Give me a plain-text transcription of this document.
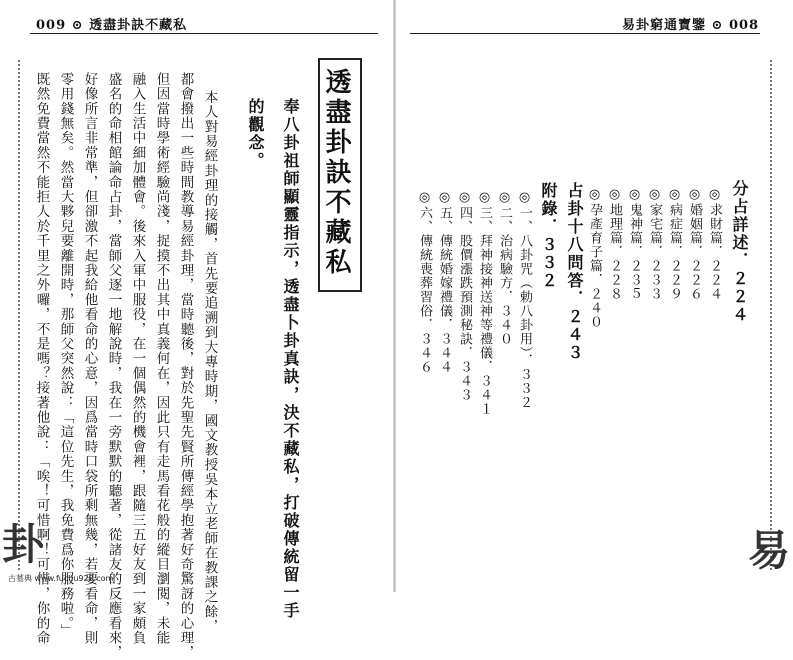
009 ⊙ 透盡卦訣不藏私	易卦窮通寶鑒 ⊙ 008
透盡卦訣不藏私
奉八卦祖師顯靈指示，透盡卜卦真訣，決不藏私，打破傳統留一手
的觀念。
本人對易經卦理的接觸，首先要追溯到大專時期，國文教授吳本立老師在教課之餘，
都會撥出一些時間教導易經卦理，當時聽後，對於先聖先賢所傳經學抱著好奇驚訝的心理，
但因當時學術經驗尚淺，捉摸不出其中真義何在，因此只有走馬看花般的縱目瀏閱，未能
融入生活中細加體會。後來入軍中服役，在一個偶然的機會裡，跟隨三五好友到一家頗負
盛名的命相館論命占卦，當師父逐一地解說時，我在一旁默默的聽著，從諸友的反應看來，
好像所言非常準，但卻激不起我給他看命的心意，因爲當時口袋所剩無幾，若要看命，則
零用錢無矣。然當大夥兒要離開時，那師父突然說：「這位先生，我免費爲你服務啦。」
既然免費當然不能拒人於千里之外囉，不是嗎？接著他說：「唉！可惜啊！可惜，你的命
卦
古墓典 www.fuchu920.com
分占詳述．２２４
◎求財篇．２２４
◎婚姻篇．２２６
◎病症篇．２２９
◎家宅篇．２３３
◎鬼神篇．２３５
◎地理篇．２２８
◎孕產育子篇．２４０
占卦十八問答．２４３
附錄．３３２
◎一、八卦咒（勅八卦用）．３３２
◎二、治病驗方．３４０
◎三、拜神接神送神等禮儀．３４１
◎四、股價漲跌預測秘訣．３４３
◎五、傳統婚嫁禮儀．３４４
◎六、傳統喪葬習俗．３４６
易
